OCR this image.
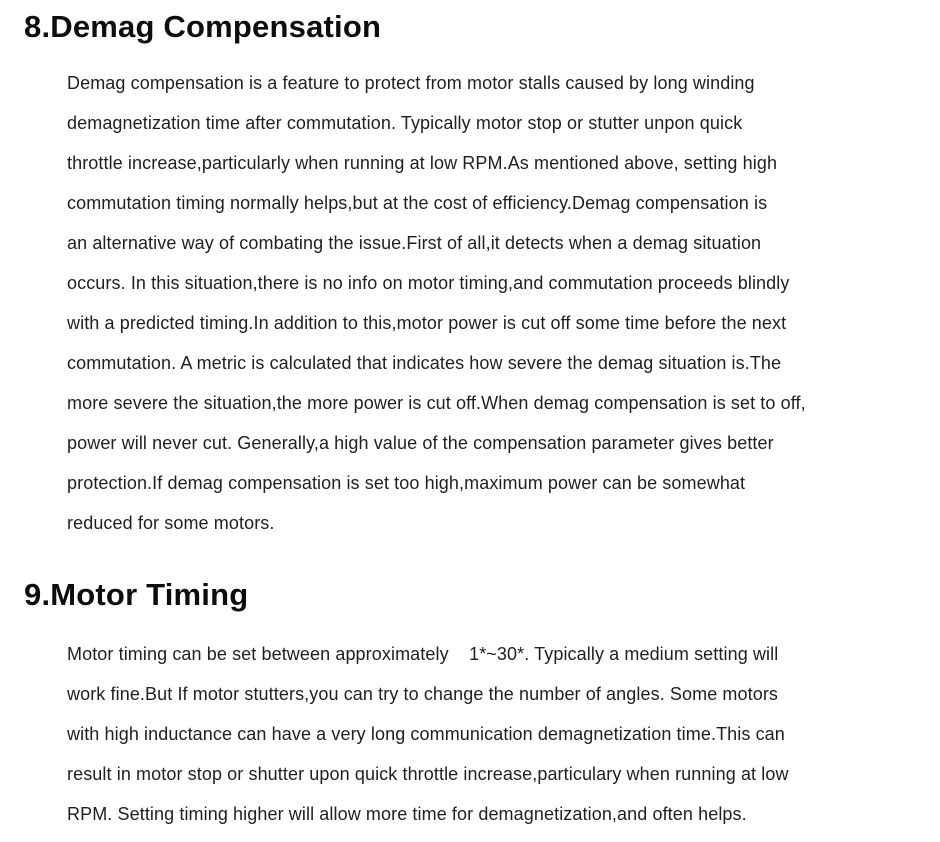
8.Demag Compensation
Demag compensation is a feature to protect from motor stalls caused by long winding
demagnetization time after commutation. Typically motor stop or stutter unpon quick
throttle increase,particularly when running at low RPM.As mentioned above, setting high
commutation timing normally helps,but at the cost of efficiency.Demag compensation is
an alternative way of combating the issue.First of all,it detects when a demag situation
occurs. In this situation,there is no info on motor timing,and commutation proceeds blindly
with a predicted timing.In addition to this,motor power is cut off some time before the next
commutation. A metric is calculated that indicates how severe the demag situation is.The
more severe the situation,the more power is cut off.When demag compensation is set to off,
power will never cut. Generally,a high value of the compensation parameter gives better
protection.If demag compensation is set too high,maximum power can be somewhat
reduced for some motors.
9.Motor Timing
Motor timing can be set between approximately    1*~30*. Typically a medium setting will
work fine.But If motor stutters,you can try to change the number of angles. Some motors
with high inductance can have a very long communication demagnetization time.This can
result in motor stop or shutter upon quick throttle increase,particulary when running at low
RPM. Setting timing higher will allow more time for demagnetization,and often helps.
